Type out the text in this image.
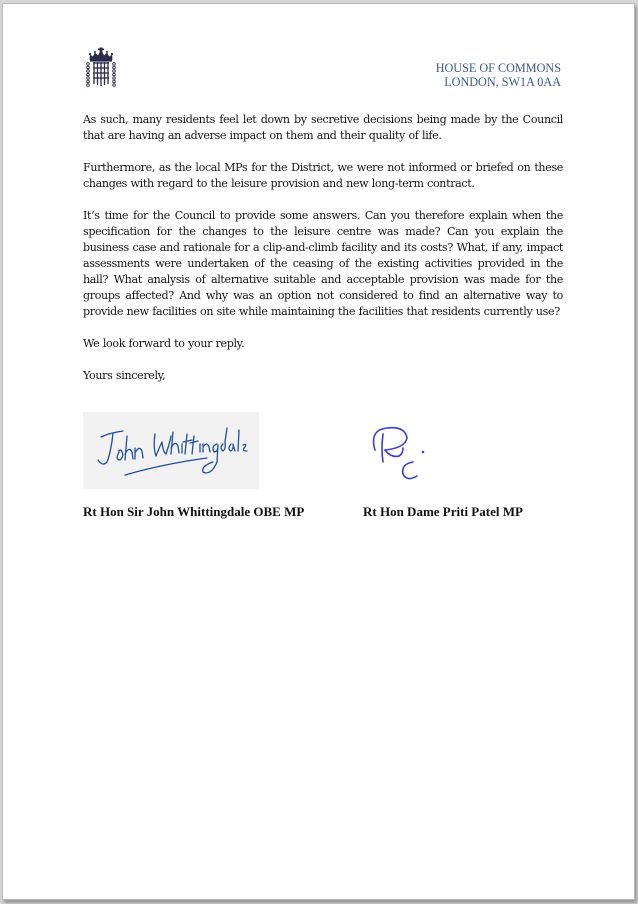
HOUSE OF COMMONS
LONDON, SW1A 0AA

As such, many residents feel let down by secretive decisions being made by the Council that are having an adverse impact on them and their quality of life.

Furthermore, as the local MPs for the District, we were not informed or briefed on these changes with regard to the leisure provision and new long-term contract.

It’s time for the Council to provide some answers. Can you therefore explain when the specification for the changes to the leisure centre was made? Can you explain the business case and rationale for a clip-and-climb facility and its costs? What, if any, impact assessments were undertaken of the ceasing of the existing activities provided in the hall? What analysis of alternative suitable and acceptable provision was made for the groups affected? And why was an option not considered to find an alternative way to provide new facilities on site while maintaining the facilities that residents currently use?

We look forward to your reply.

Yours sincerely,

Rt Hon Sir John Whittingdale OBE MP	Rt Hon Dame Priti Patel MP
